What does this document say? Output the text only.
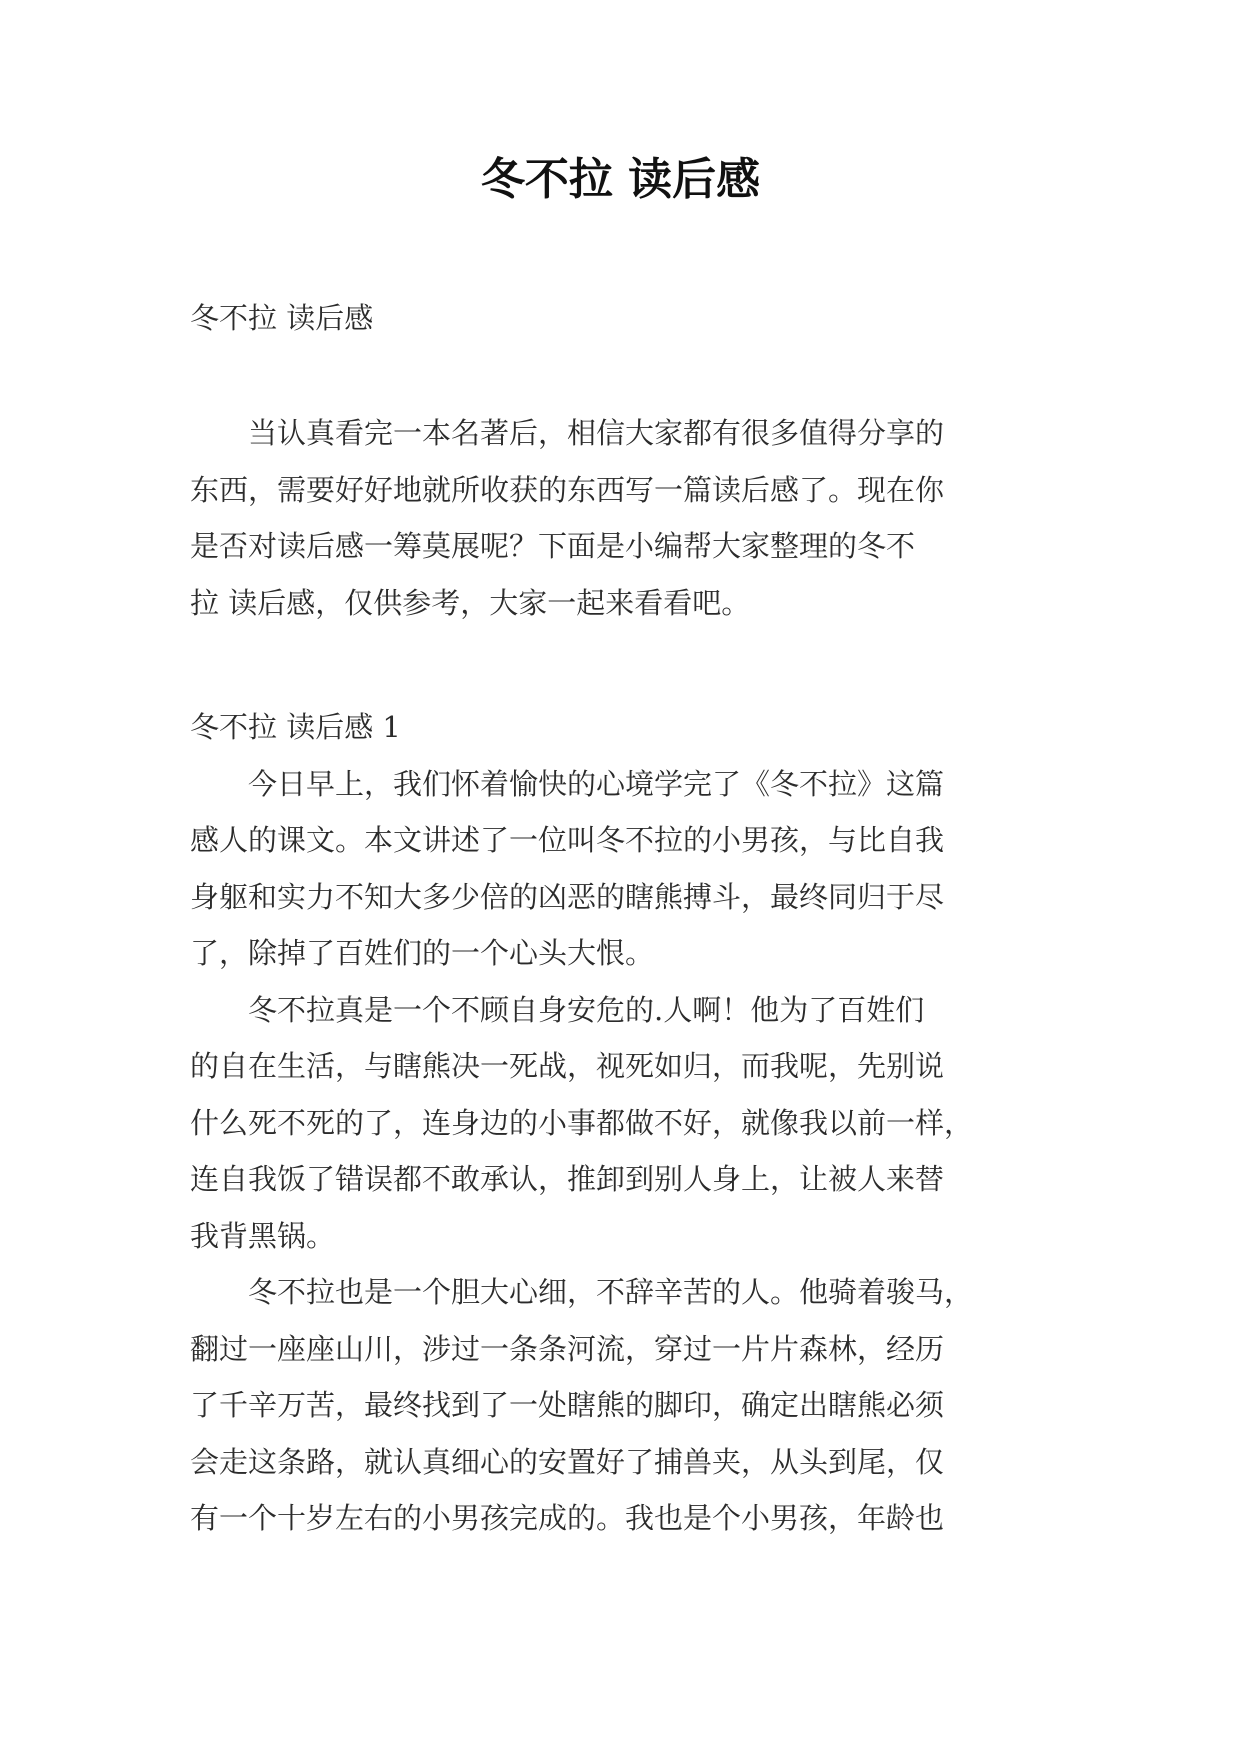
冬不拉 读后感

冬不拉 读后感

当认真看完一本名著后，相信大家都有很多值得分享的

东西，需要好好地就所收获的东西写一篇读后感了。现在你

是否对读后感一筹莫展呢？下面是小编帮大家整理的冬不

拉 读后感，仅供参考，大家一起来看看吧。

冬不拉 读后感 1

今日早上，我们怀着愉快的心境学完了《冬不拉》这篇

感人的课文。本文讲述了一位叫冬不拉的小男孩，与比自我

身躯和实力不知大多少倍的凶恶的瞎熊搏斗，最终同归于尽

了，除掉了百姓们的一个心头大恨。

冬不拉真是一个不顾自身安危的.人啊！他为了百姓们

的自在生活，与瞎熊决一死战，视死如归，而我呢，先别说

什么死不死的了，连身边的小事都做不好，就像我以前一样，

连自我饭了错误都不敢承认，推卸到别人身上，让被人来替

我背黑锅。

冬不拉也是一个胆大心细，不辞辛苦的人。他骑着骏马，

翻过一座座山川，涉过一条条河流，穿过一片片森林，经历

了千辛万苦，最终找到了一处瞎熊的脚印，确定出瞎熊必须

会走这条路，就认真细心的安置好了捕兽夹，从头到尾，仅

有一个十岁左右的小男孩完成的。我也是个小男孩，年龄也
